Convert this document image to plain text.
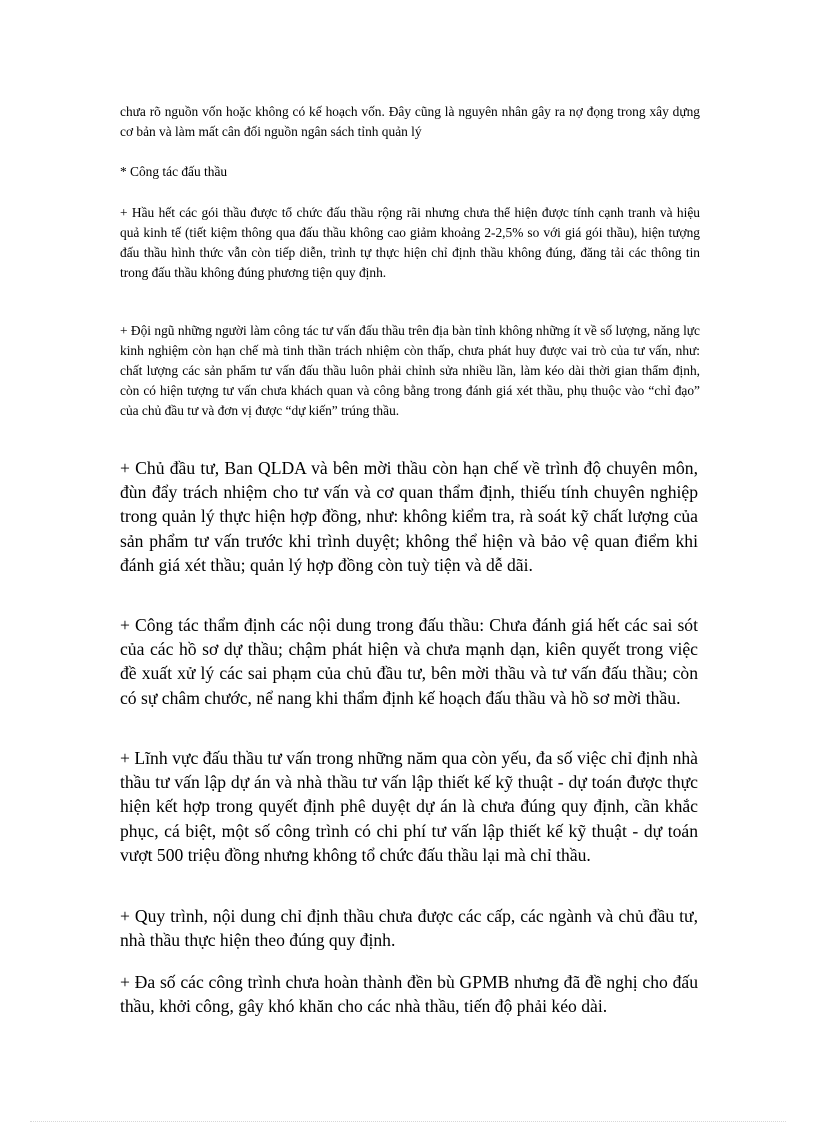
chưa rõ nguồn vốn hoặc không có kế hoạch vốn. Đây cũng là nguyên nhân gây ra nợ đọng trong xây dựng cơ bản và làm mất cân đối nguồn ngân sách tỉnh quản lý

* Công tác đấu thầu

+ Hầu hết các gói thầu được tổ chức đấu thầu rộng rãi nhưng chưa thể hiện được tính cạnh tranh và hiệu quả kinh tế (tiết kiệm thông qua đấu thầu không cao giảm khoảng 2-2,5% so với giá gói thầu), hiện tượng đấu thầu hình thức vẫn còn tiếp diễn, trình tự thực hiện chỉ định thầu không đúng, đăng tải các thông tin trong đấu thầu không đúng phương tiện quy định.

+ Đội ngũ những người làm công tác tư vấn đấu thầu trên địa bàn tỉnh không những ít về số lượng, năng lực kinh nghiệm còn hạn chế mà tinh thần trách nhiệm còn thấp, chưa phát huy được vai trò của tư vấn, như: chất lượng các sản phẩm tư vấn đấu thầu luôn phải chỉnh sửa nhiều lần, làm kéo dài thời gian thẩm định, còn có hiện tượng tư vấn chưa khách quan và công bằng trong đánh giá xét thầu, phụ thuộc vào “chỉ đạo” của chủ đầu tư và đơn vị được “dự kiến” trúng thầu.

+ Chủ đầu tư, Ban QLDA và bên mời thầu còn hạn chế về trình độ chuyên môn, đùn đẩy trách nhiệm cho tư vấn và cơ quan thẩm định, thiếu tính chuyên nghiệp trong quản lý thực hiện hợp đồng, như: không kiểm tra, rà soát kỹ chất lượng của sản phẩm tư vấn trước khi trình duyệt; không thể hiện và bảo vệ quan điểm khi đánh giá xét thầu; quản lý hợp đồng còn tuỳ tiện và dễ dãi.

+ Công tác thẩm định các nội dung trong đấu thầu: Chưa đánh giá hết các sai sót của các hồ sơ dự thầu; chậm phát hiện và chưa mạnh dạn, kiên quyết trong việc đề xuất xử lý các sai phạm của chủ đầu tư, bên mời thầu và tư vấn đấu thầu; còn có sự châm chước, nể nang khi thẩm định kế hoạch đấu thầu và hồ sơ mời thầu.

+ Lĩnh vực đấu thầu tư vấn trong những năm qua còn yếu, đa số việc chỉ định nhà thầu tư vấn lập dự án và nhà thầu tư vấn lập thiết kế kỹ thuật - dự toán được thực hiện kết hợp trong quyết định phê duyệt dự án là chưa đúng quy định, cần khắc phục, cá biệt, một số công trình có chi phí tư vấn lập thiết kế kỹ thuật - dự toán vượt 500 triệu đồng nhưng không tổ chức đấu thầu lại mà chỉ thầu.

+ Quy trình, nội dung chỉ định thầu chưa được các cấp, các ngành và chủ đầu tư, nhà thầu thực hiện theo đúng quy định.

+ Đa số các công trình chưa hoàn thành đền bù GPMB nhưng đã đề nghị cho đấu thầu, khởi công, gây khó khăn cho các nhà thầu, tiến độ phải kéo dài.
